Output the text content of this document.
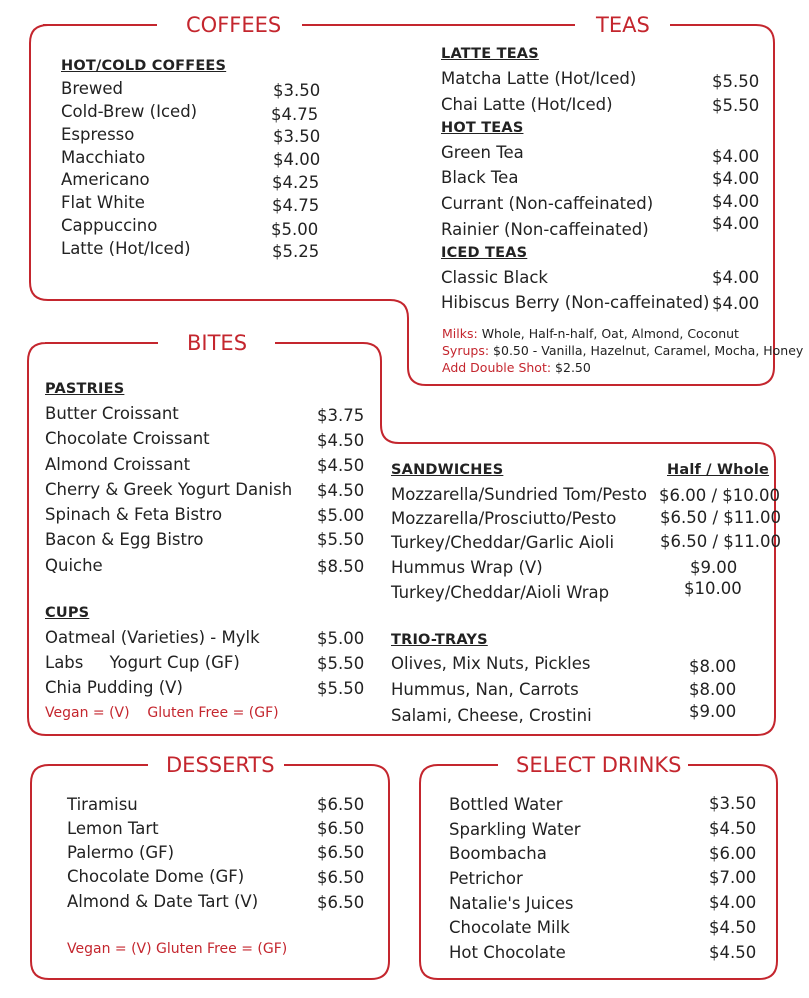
COFFEES	TEAS
BITES
DESSERTS	SELECT DRINKS
HOT/COLD COFFEES
Brewed	$3.50
Cold-Brew (Iced)	$4.75
Espresso	$3.50
Macchiato	$4.00
Americano	$4.25
Flat White	$4.75
Cappuccino	$5.00
Latte (Hot/Iced)	$5.25
LATTE TEAS
Matcha Latte (Hot/Iced)	$5.50
Chai Latte (Hot/Iced)	$5.50
HOT TEAS
Green Tea	$4.00
Black Tea	$4.00
Currant (Non-caffeinated)	$4.00
Rainier (Non-caffeinated)	$4.00
ICED TEAS
Classic Black	$4.00
Hibiscus Berry (Non-caffeinated) $4.00
Milks: Whole, Half-n-half, Oat, Almond, Coconut
Syrups: $0.50 - Vanilla, Hazelnut, Caramel, Mocha, Honey
Add Double Shot: $2.50
PASTRIES
Butter Croissant	$3.75
Chocolate Croissant	$4.50
Almond Croissant	$4.50
Cherry & Greek Yogurt Danish $4.50
Spinach & Feta Bistro	$5.00
Bacon & Egg Bistro	$5.50
Quiche	$8.50
CUPS
Oatmeal (Varieties) - Mylk	$5.00
Labs     Yogurt Cup (GF)	$5.50
Chia Pudding (V)	$5.50
Vegan = (V)    Gluten Free = (GF)
SANDWICHES	Half / Whole
Mozzarella/Sundried Tom/Pesto $6.00 / $10.00
Mozzarella/Prosciutto/Pesto	$6.50 / $11.00
Turkey/Cheddar/Garlic Aioli	$6.50 / $11.00
Hummus Wrap (V)	$9.00
Turkey/Cheddar/Aioli Wrap	$10.00
TRIO-TRAYS
Olives, Mix Nuts, Pickles	$8.00
Hummus, Nan, Carrots	$8.00
Salami, Cheese, Crostini	$9.00
Tiramisu	$6.50
Lemon Tart	$6.50
Palermo (GF)	$6.50
Chocolate Dome (GF)	$6.50
Almond & Date Tart (V)	$6.50
Vegan = (V) Gluten Free = (GF)
Bottled Water	$3.50
Sparkling Water	$4.50
Boombacha	$6.00
Petrichor	$7.00
Natalie's Juices	$4.00
Chocolate Milk	$4.50
Hot Chocolate	$4.50
